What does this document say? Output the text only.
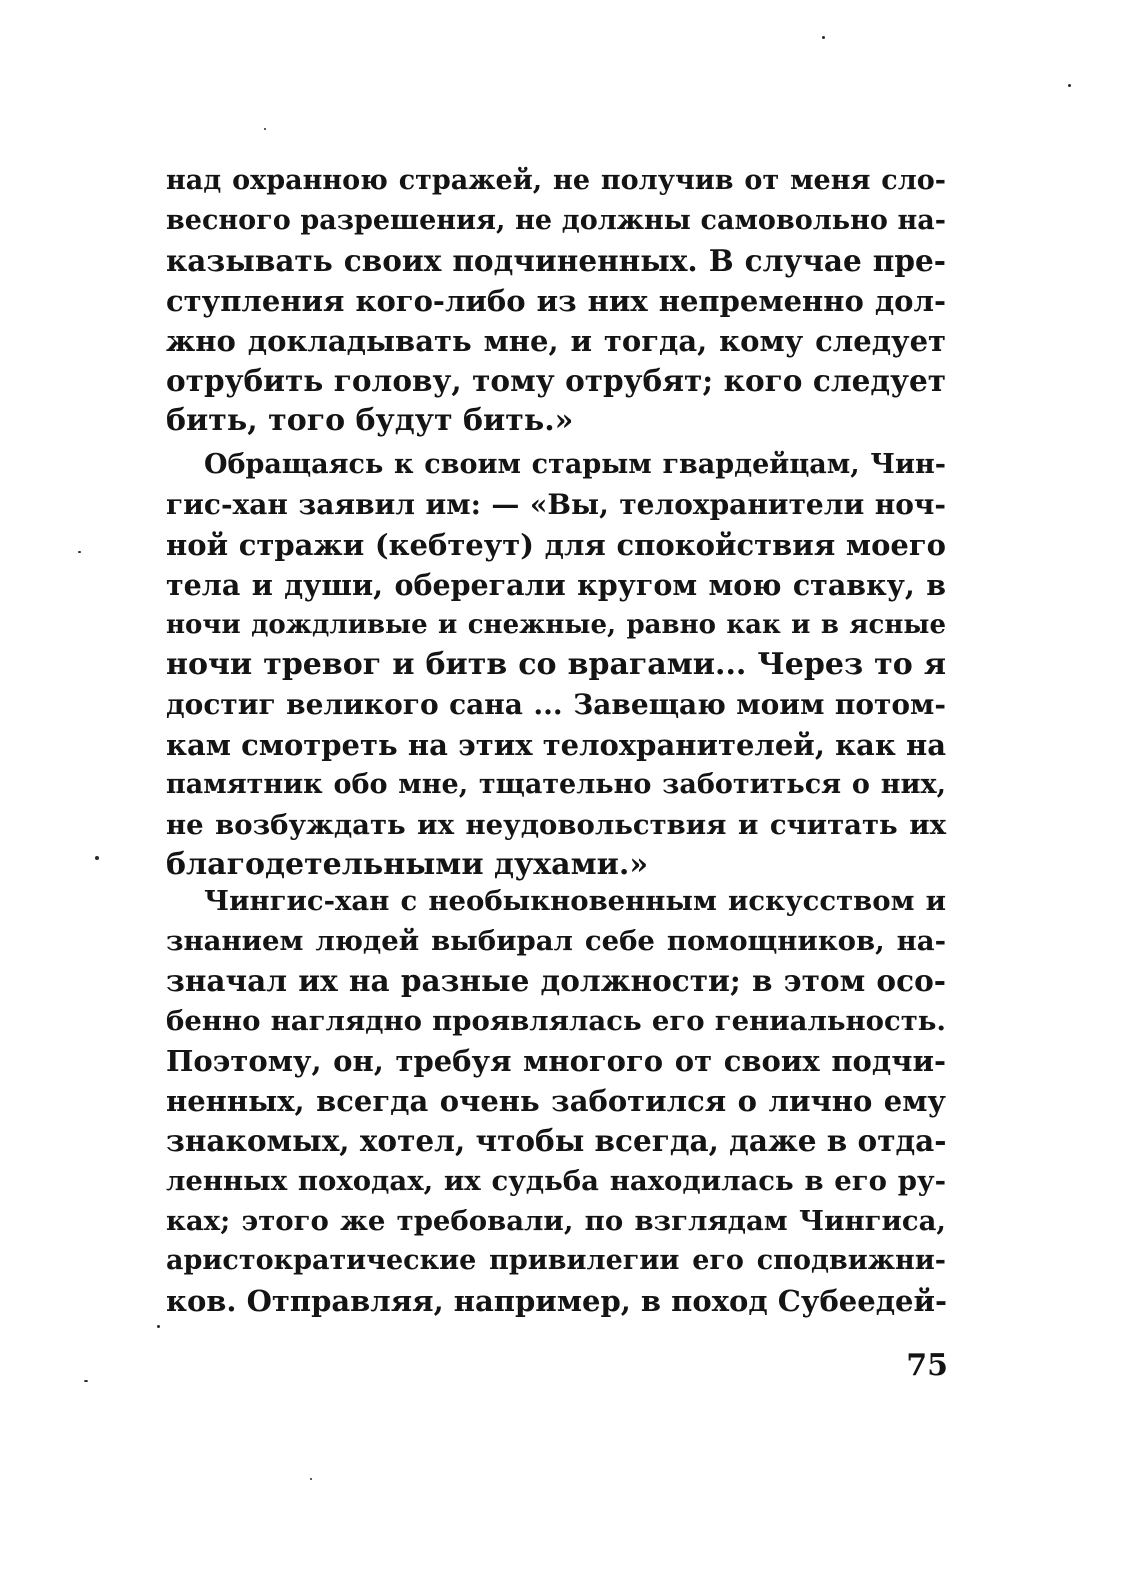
над охранною стражей, не получив от меня сло-
весного разрешения, не должны самовольно на-
казывать своих подчиненных. В случае пре-
ступления кого-либо из них непременно дол-
жно докладывать мне, и тогда, кому следует
отрубить голову, тому отрубят; кого следует
бить, того будут бить.»
Обращаясь к своим старым гвардейцам, Чин-
гис-хан заявил им: — «Вы, телохранители ноч-
ной стражи (кебтеут) для спокойствия моего
тела и души, оберегали кругом мою ставку, в
ночи дождливые и снежные, равно как и в ясные
ночи тревог и битв со врагами... Через то я
достиг великого сана ... Завещаю моим потом-
кам смотреть на этих телохранителей, как на
памятник обо мне, тщательно заботиться о них,
не возбуждать их неудовольствия и считать их
благодетельными духами.»
Чингис-хан с необыкновенным искусством и
знанием людей выбирал себе помощников, на-
значал их на разные должности; в этом осо-
бенно наглядно проявлялась его гениальность.
Поэтому, он, требуя многого от своих подчи-
ненных, всегда очень заботился о лично ему
знакомых, хотел, чтобы всегда, даже в отда-
ленных походах, их судьба находилась в его ру-
ках; этого же требовали, по взглядам Чингиса,
аристократические привилегии его сподвижни-
ков. Отправляя, например, в поход Субеедей-
75
